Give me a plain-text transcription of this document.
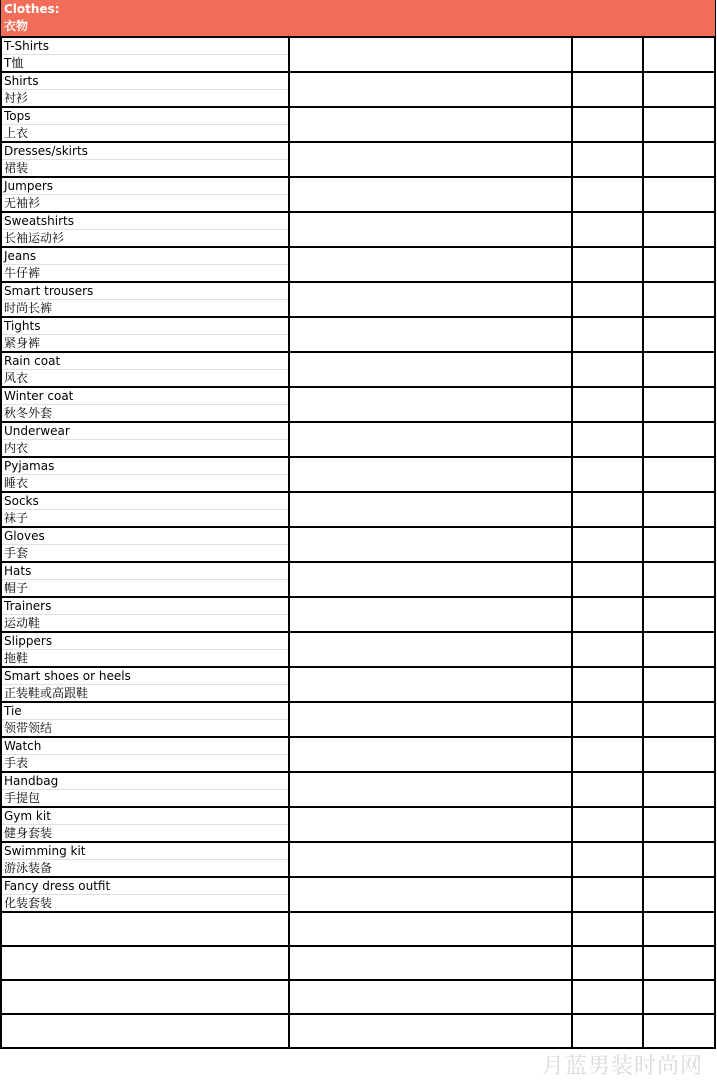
Clothes:
衣物
T-Shirts
T恤			

Shirts
衬衫			

Tops
上衣			

Dresses/skirts
裙装			

Jumpers
无袖衫			

Sweatshirts
长袖运动衫			

Jeans
牛仔裤			

Smart trousers
时尚长裤			

Tights
紧身裤			

Rain coat
风衣			

Winter coat
秋冬外套			

Underwear
内衣			

Pyjamas
睡衣			

Socks
袜子			

Gloves
手套			

Hats
帽子			

Trainers
运动鞋			

Slippers
拖鞋			

Smart shoes or heels
正装鞋或高跟鞋			

Tie
领带领结			

Watch
手表			

Handbag
手提包			

Gym kit
健身套装			

Swimming kit
游泳装备			

Fancy dress outfit
化装套装			

月蓝男装时尚网
